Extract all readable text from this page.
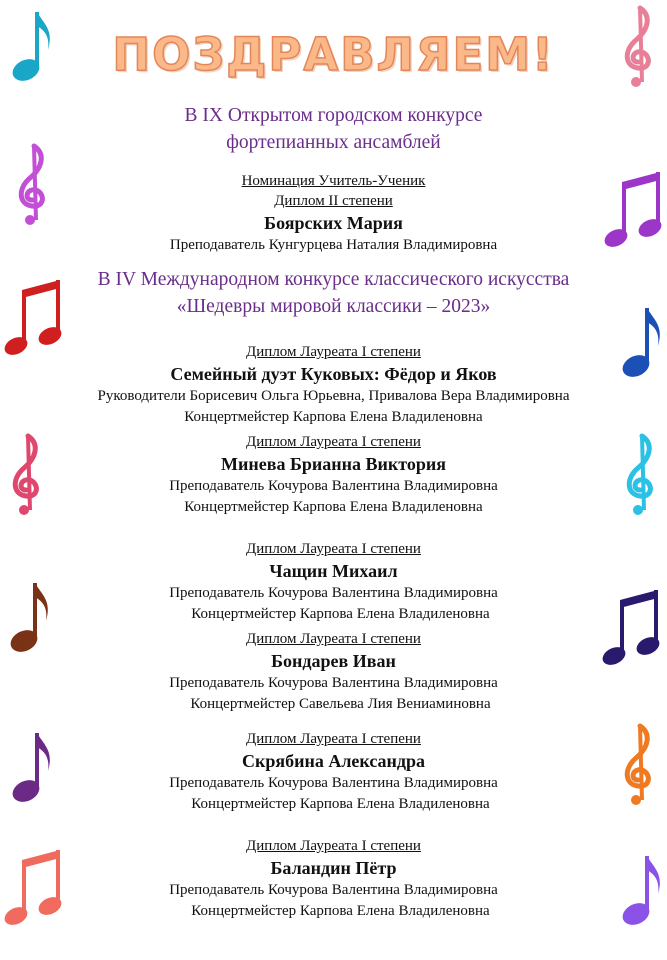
ПОЗДРАВЛЯЕМ!
В IX Открытом городском конкурсе
фортепианных ансамблей
Номинация Учитель-Ученик
Диплом II степени
Боярских Мария
Преподаватель Кунгурцева Наталия Владимировна
В IV Международном конкурсе классического искусства
«Шедевры мировой классики – 2023»
Диплом Лауреата I степени
Семейный дуэт Куковых: Фёдор и Яков
Руководители Борисевич Ольга Юрьевна, Привалова Вера Владимировна
Концертмейстер Карпова Елена Владиленовна
Диплом Лауреата I степени
Минева Брианна Виктория
Преподаватель Кочурова Валентина Владимировна
Концертмейстер Карпова Елена Владиленовна
Диплом Лауреата I степени
Чащин Михаил
Преподаватель Кочурова Валентина Владимировна
Концертмейстер Карпова Елена Владиленовна
Диплом Лауреата I степени
Бондарев Иван
Преподаватель Кочурова Валентина Владимировна
Концертмейстер Савельева Лия Вениаминовна
Диплом Лауреата I степени
Скрябина Александра
Преподаватель Кочурова Валентина Владимировна
Концертмейстер Карпова Елена Владиленовна
Диплом Лауреата I степени
Баландин Пётр
Преподаватель Кочурова Валентина Владимировна
Концертмейстер Карпова Елена Владиленовна
